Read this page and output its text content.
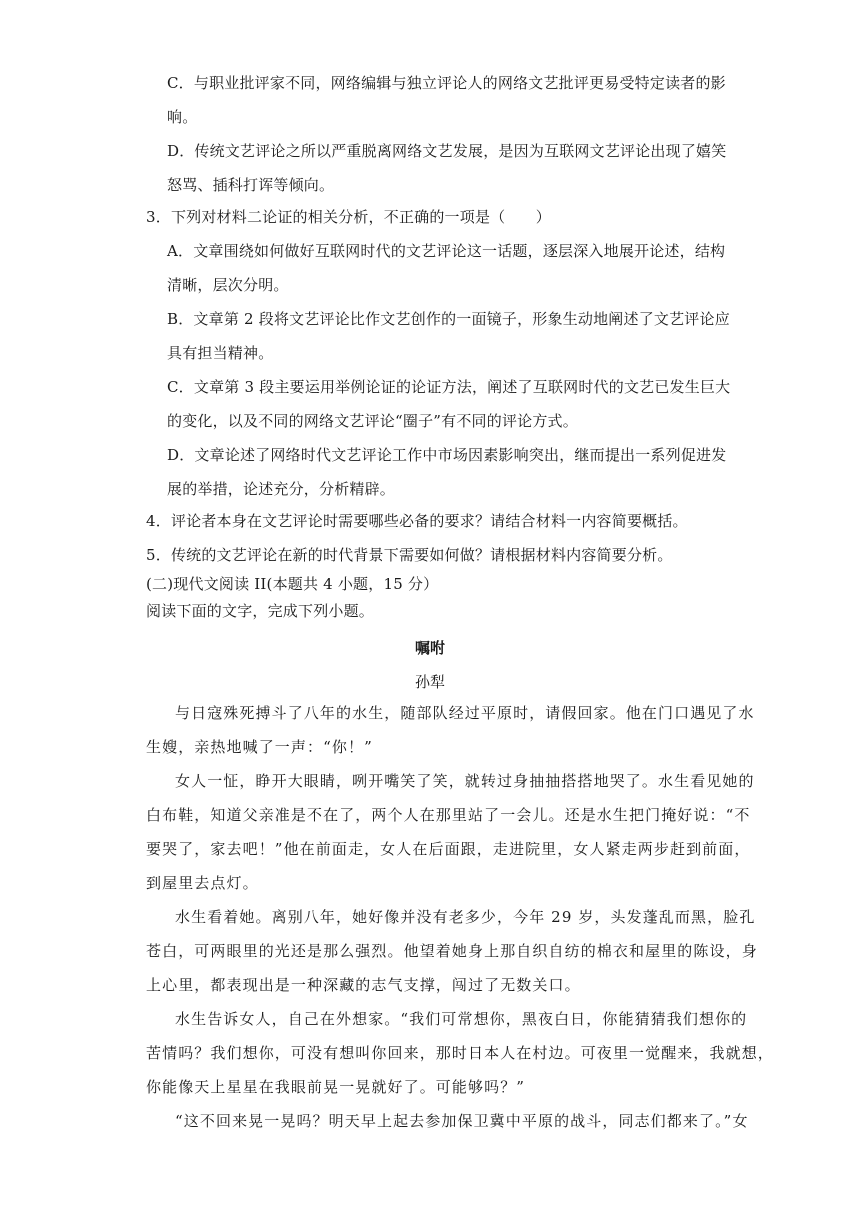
C．与职业批评家不同，网络编辑与独立评论人的网络文艺批评更易受特定读者的影
响。
D．传统文艺评论之所以严重脱离网络文艺发展，是因为互联网文艺评论出现了嬉笑
怒骂、插科打诨等倾向。
3．下列对材料二论证的相关分析，不正确的一项是（　　）
A．文章围绕如何做好互联网时代的文艺评论这一话题，逐层深入地展开论述，结构
清晰，层次分明。
B．文章第 2 段将文艺评论比作文艺创作的一面镜子，形象生动地阐述了文艺评论应
具有担当精神。
C．文章第 3 段主要运用举例论证的论证方法，阐述了互联网时代的文艺已发生巨大
的变化，以及不同的网络文艺评论“圈子”有不同的评论方式。
D．文章论述了网络时代文艺评论工作中市场因素影响突出，继而提出一系列促进发
展的举措，论述充分，分析精辟。
4．评论者本身在文艺评论时需要哪些必备的要求？请结合材料一内容简要概括。
5．传统的文艺评论在新的时代背景下需要如何做？请根据材料内容简要分析。
(二)现代文阅读 II(本题共 4 小题，15 分）
阅读下面的文字，完成下列小题。
嘱咐
孙犁
与日寇殊死搏斗了八年的水生，随部队经过平原时，请假回家。他在门口遇见了水
生嫂，亲热地喊了一声：“你！”
女人一怔，睁开大眼睛，咧开嘴笑了笑，就转过身抽抽搭搭地哭了。水生看见她的
白布鞋，知道父亲准是不在了，两个人在那里站了一会儿。还是水生把门掩好说：“不
要哭了，家去吧！”他在前面走，女人在后面跟，走进院里，女人紧走两步赶到前面，
到屋里去点灯。
水生看着她。离别八年，她好像并没有老多少，今年 29 岁，头发蓬乱而黑，脸孔
苍白，可两眼里的光还是那么强烈。他望着她身上那自织自纺的棉衣和屋里的陈设，身
上心里，都表现出是一种深藏的志气支撑，闯过了无数关口。
水生告诉女人，自己在外想家。“我们可常想你，黑夜白日，你能猜猜我们想你的
苦情吗？我们想你，可没有想叫你回来，那时日本人在村边。可夜里一觉醒来，我就想，
你能像天上星星在我眼前晃一晃就好了。可能够吗？”
“这不回来晃一晃吗？明天早上起去参加保卫冀中平原的战斗，同志们都来了。”女
